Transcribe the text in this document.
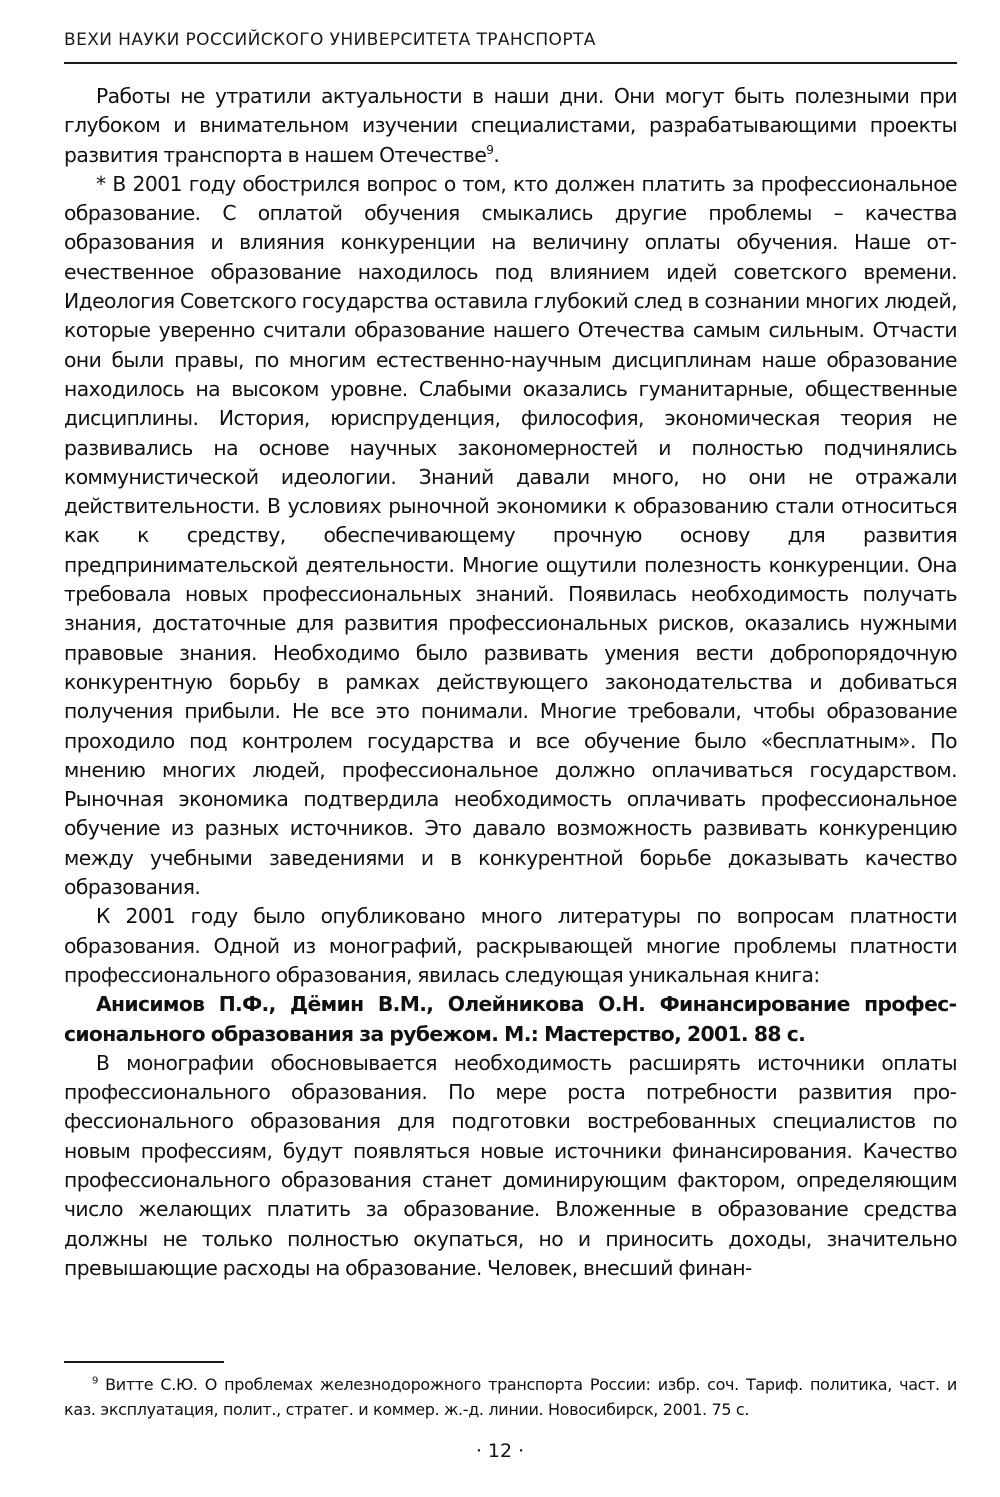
ВЕХИ НАУКИ РОССИЙСКОГО УНИВЕРСИТЕТА ТРАНСПОРТА

Работы не утратили актуальности в наши дни. Они могут быть полезными при глубоком и внимательном изучении специалистами, разрабатывающими проекты развития транспорта в нашем Отечестве$^9$.

* В 2001 году обострился вопрос о том, кто должен платить за профессиональное образование. С оплатой обучения смыкались другие проблемы – качества образования и влияния конкуренции на величину оплаты обучения. Наше отечественное образование находилось под влиянием идей советского времени. Идеология Советского государства оставила глубокий след в сознании многих людей, которые уверенно считали образование нашего Отечества самым сильным. Отчасти они были правы, по многим естественно-научным дисциплинам наше образование находилось на высоком уровне. Слабыми оказались гуманитарные, общественные дисциплины. История, юриспруденция, философия, экономическая теория не развивались на основе научных закономерностей и полностью подчинялись коммунистической идеологии. Знаний давали много, но они не отражали действительности. В условиях рыночной экономики к образованию стали относиться как к средству, обеспечивающему прочную основу для развития предпринимательской деятельности. Многие ощутили полезность конкуренции. Она требовала новых профессиональных знаний. Появилась необходимость получать знания, достаточные для развития профессиональных рисков, оказались нужными правовые знания. Необходимо было развивать умения вести добропорядочную конкурентную борьбу в рамках действующего законодательства и добиваться получения прибыли. Не все это понимали. Многие требовали, чтобы образование проходило под контролем государства и все обучение было «бесплатным». По мнению многих людей, профессиональное должно оплачиваться государством. Рыночная экономика подтвердила необходимость оплачивать профессиональное обучение из разных источников. Это давало возможность развивать конкуренцию между учебными заведениями и в конкурентной борьбе доказывать качество образования.

К 2001 году было опубликовано много литературы по вопросам платности образования. Одной из монографий, раскрывающей многие проблемы платности профессионального образования, явилась следующая уникальная книга:

Анисимов П.Ф., Дёмин В.М., Олейникова О.Н. Финансирование профессионального образования за рубежом. М.: Мастерство, 2001. 88 с.

В монографии обосновывается необходимость расширять источники оплаты профессионального образования. По мере роста потребности развития профессионального образования для подготовки востребованных специалистов по новым профессиям, будут появляться новые источники финансирования. Качество профессионального образования станет доминирующим фактором, определяющим число желающих платить за образование. Вложенные в образование средства должны не только полностью окупаться, но и приносить доходы, значительно превышающие расходы на образование. Человек, внесший финан-

$^9$ Витте С.Ю. О проблемах железнодорожного транспорта России: избр. соч. Тариф. политика, част. и каз. эксплуатация, полит., стратег. и коммер. ж.-д. линии. Новосибирск, 2001. 75 с.

· 12 ·
